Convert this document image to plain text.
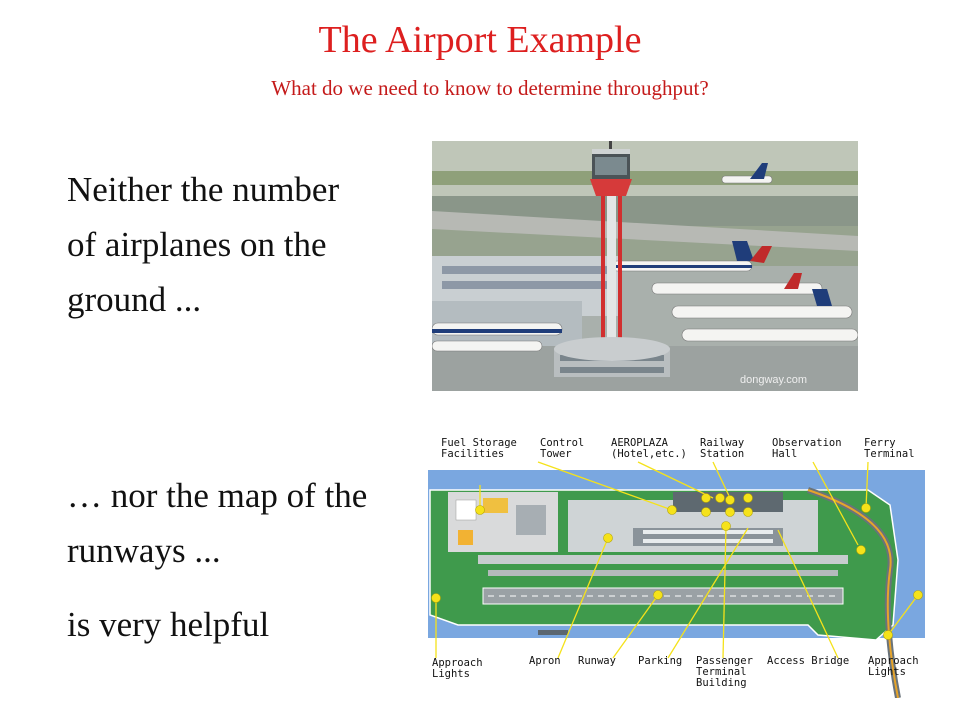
The Airport Example
What do we need to know to determine throughput?
Neither the number of airplanes on the ground ...
… nor the map of the runways ...
is very helpful
dongway.com
Fuel Storage
Facilities
Control
Tower
AEROPLAZA
(Hotel,etc.)
Railway
Station
Observation
Hall
Ferry
Terminal
Approach
Lights
Apron Runway Parking Passenger
Terminal
Building
Access Bridge Approach
Lights
